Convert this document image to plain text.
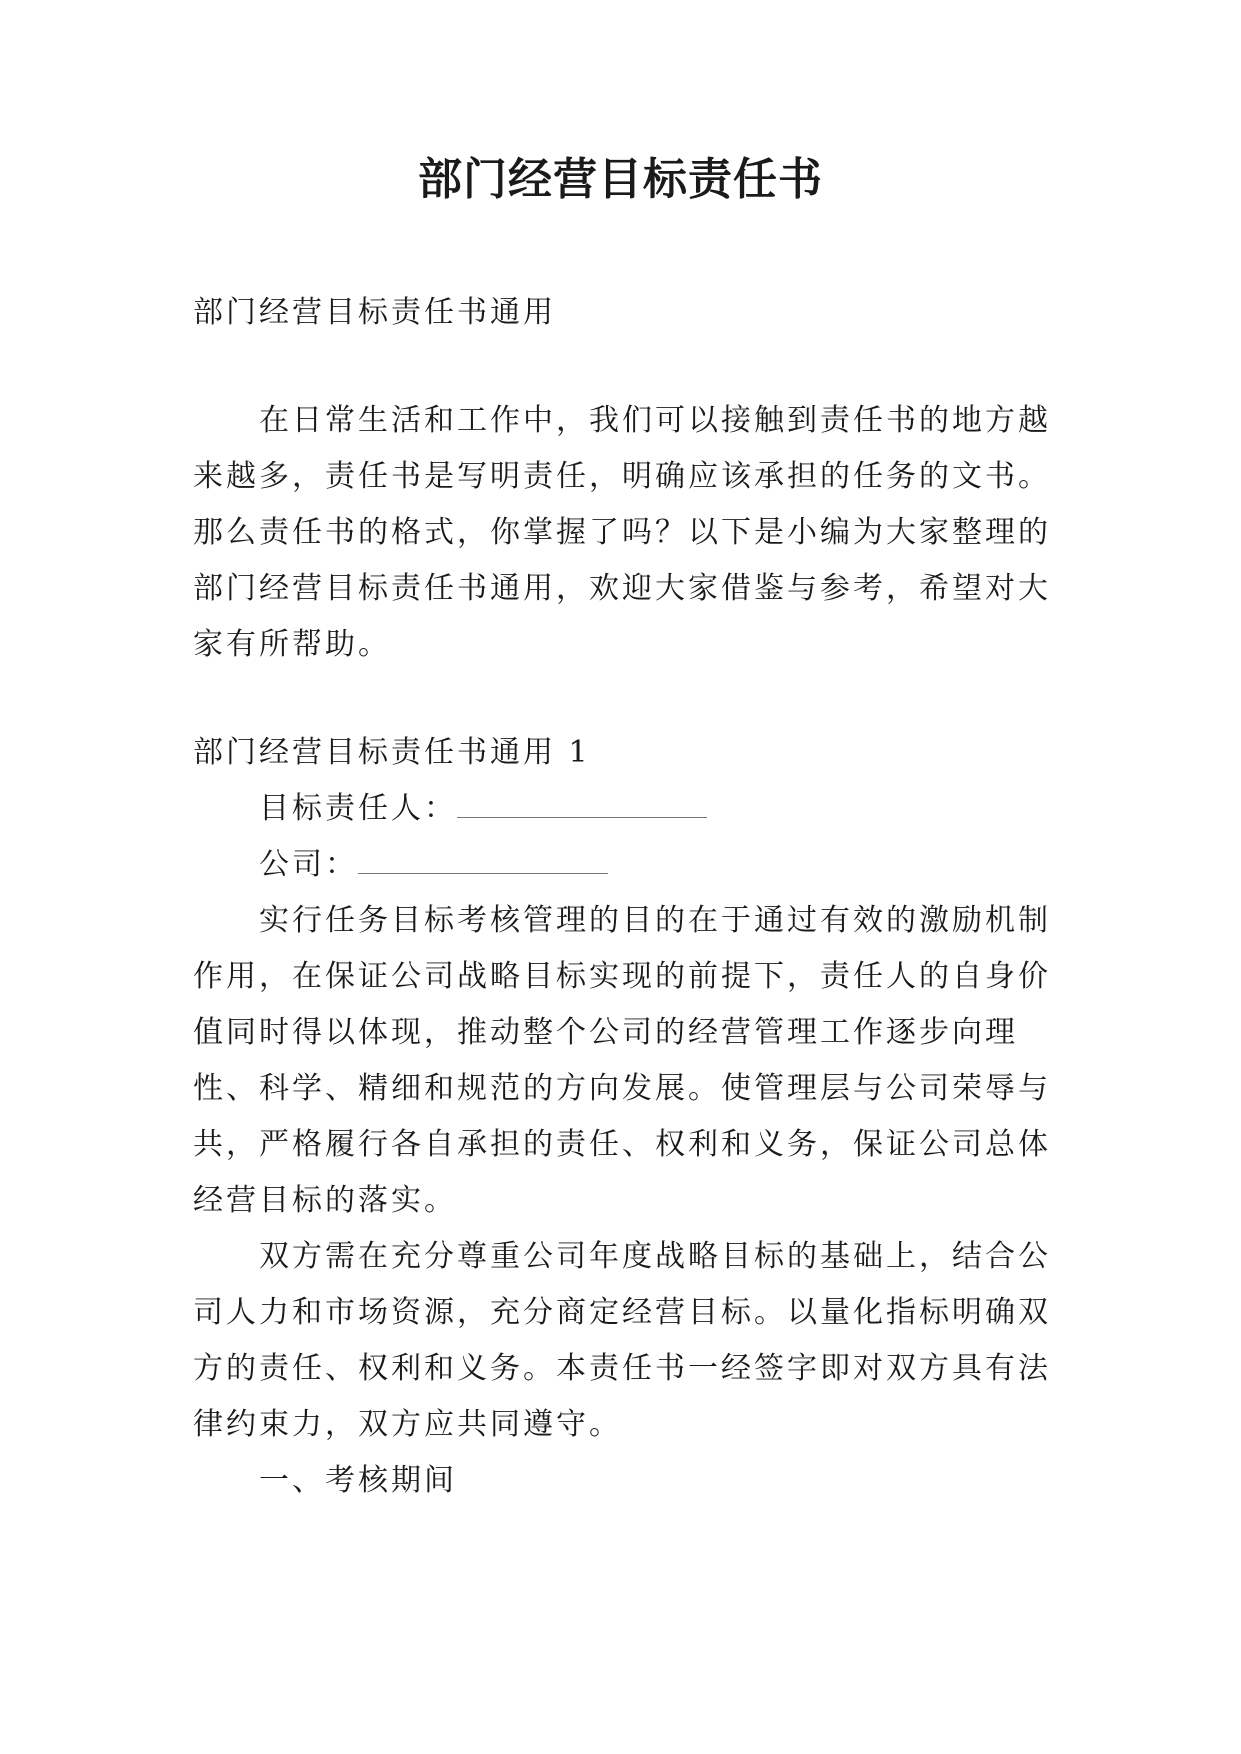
部门经营目标责任书
部门经营目标责任书通用
在日常生活和工作中，我们可以接触到责任书的地方越来越多，责任书是写明责任，明确应该承担的任务的文书。那么责任书的格式，你掌握了吗？以下是小编为大家整理的部门经营目标责任书通用，欢迎大家借鉴与参考，希望对大家有所帮助。
部门经营目标责任书通用 1
目标责任人：
公司：
实行任务目标考核管理的目的在于通过有效的激励机制作用，在保证公司战略目标实现的前提下，责任人的自身价值同时得以体现，推动整个公司的经营管理工作逐步向理性、科学、精细和规范的方向发展。使管理层与公司荣辱与共，严格履行各自承担的责任、权利和义务，保证公司总体经营目标的落实。
双方需在充分尊重公司年度战略目标的基础上，结合公司人力和市场资源，充分商定经营目标。以量化指标明确双方的责任、权利和义务。本责任书一经签字即对双方具有法律约束力，双方应共同遵守。
一、考核期间
